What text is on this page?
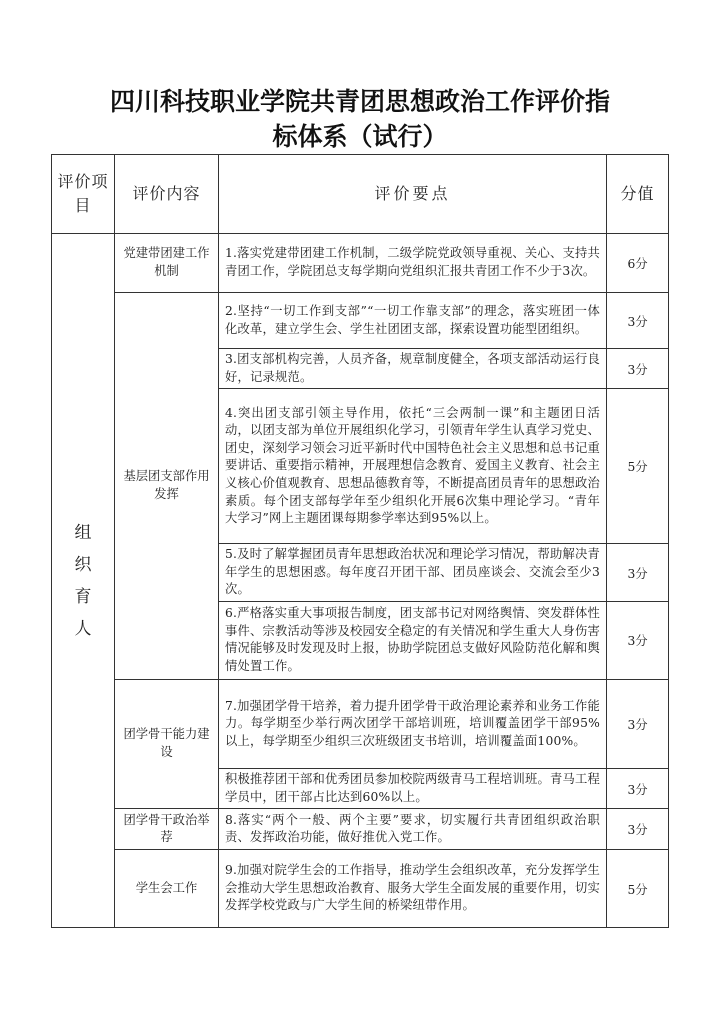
四川科技职业学院共青团思想政治工作评价指
标体系（试行）
评价项目	评价内容	评价要点	分值
组织育人	党建带团建工作机制	1.落实党建带团建工作机制，二级学院党政领导重视、关心、支持共青团工作，学院团总支每学期向党组织汇报共青团工作不少于3次。	6分
	基层团支部作用发挥	2.坚持“一切工作到支部”“一切工作靠支部”的理念，落实班团一体化改革，建立学生会、学生社团团支部，探索设置功能型团组织。	3分
		3.团支部机构完善，人员齐备，规章制度健全，各项支部活动运行良好，记录规范。	3分
		4.突出团支部引领主导作用，依托“三会两制一课”和主题团日活动，以团支部为单位开展组织化学习，引领青年学生认真学习党史、团史，深刻学习领会习近平新时代中国特色社会主义思想和总书记重要讲话、重要指示精神，开展理想信念教育、爱国主义教育、社会主义核心价值观教育、思想品德教育等，不断提高团员青年的思想政治素质。每个团支部每学年至少组织化开展6次集中理论学习。“青年大学习”网上主题团课每期参学率达到95%以上。	5分
		5.及时了解掌握团员青年思想政治状况和理论学习情况，帮助解决青年学生的思想困惑。每年度召开团干部、团员座谈会、交流会至少3次。	3分
		6.严格落实重大事项报告制度，团支部书记对网络舆情、突发群体性事件、宗教活动等涉及校园安全稳定的有关情况和学生重大人身伤害情况能够及时发现及时上报，协助学院团总支做好风险防范化解和舆情处置工作。	3分
	团学骨干能力建设	7.加强团学骨干培养，着力提升团学骨干政治理论素养和业务工作能力。每学期至少举行两次团学干部培训班，培训覆盖团学干部95%以上，每学期至少组织三次班级团支书培训，培训覆盖面100%。	3分
		积极推荐团干部和优秀团员参加校院两级青马工程培训班。青马工程学员中，团干部占比达到60%以上。	3分
	团学骨干政治举荐	8.落实“两个一般、两个主要”要求，切实履行共青团组织政治职责、发挥政治功能，做好推优入党工作。	3分
	学生会工作	9.加强对院学生会的工作指导，推动学生会组织改革，充分发挥学生会推动大学生思想政治教育、服务大学生全面发展的重要作用，切实发挥学校党政与广大学生间的桥梁纽带作用。	5分
